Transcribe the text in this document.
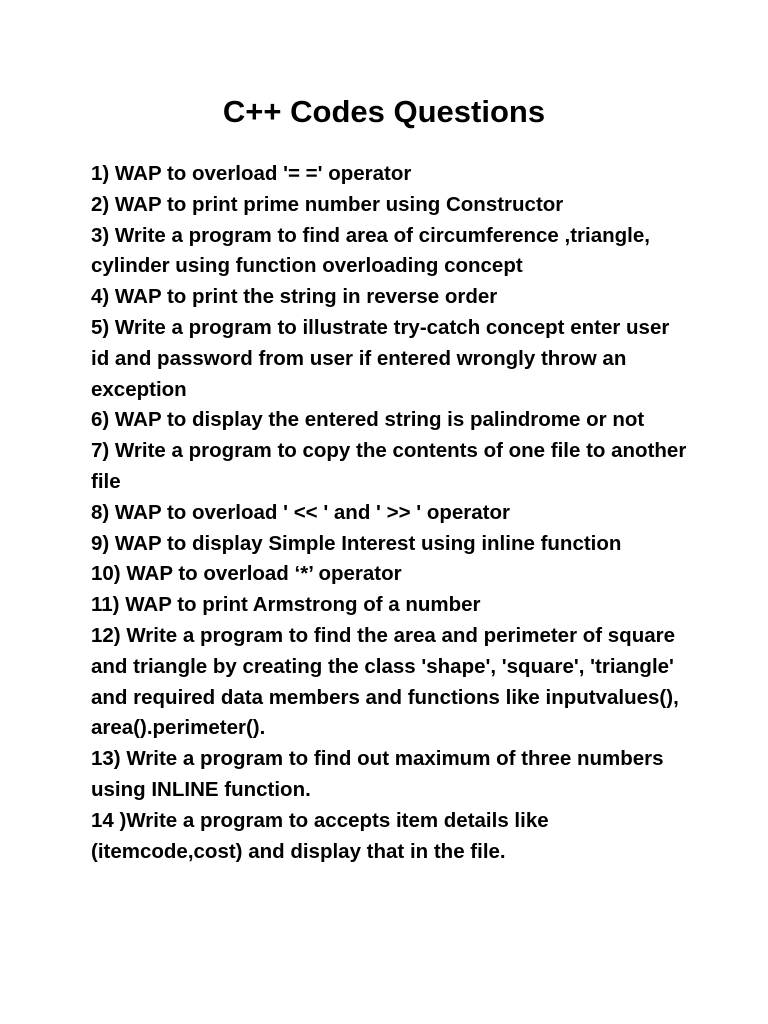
C++ Codes Questions
1) WAP to overload '= =' operator
2) WAP to print prime number using Constructor
3) Write a program to find area of circumference ,triangle, cylinder using function overloading concept
4) WAP to print the string in reverse order
5) Write a program to illustrate try-catch concept enter user id and password from user if entered wrongly throw an exception
6) WAP to display the entered string is palindrome or not
7) Write a program to copy the contents of one file to another file
8) WAP to overload ' << ' and ' >> ' operator
9) WAP to display Simple Interest using inline function
10) WAP to overload ‘*’ operator
11) WAP to print Armstrong of a number
12) Write a program to find the area and perimeter of square and triangle by creating the class 'shape', 'square', 'triangle' and required data members and functions like inputvalues(), area().perimeter().
13) Write a program to find out maximum of three numbers using INLINE function.
14 )Write a program to accepts item details like (itemcode,cost) and display that in the file.
